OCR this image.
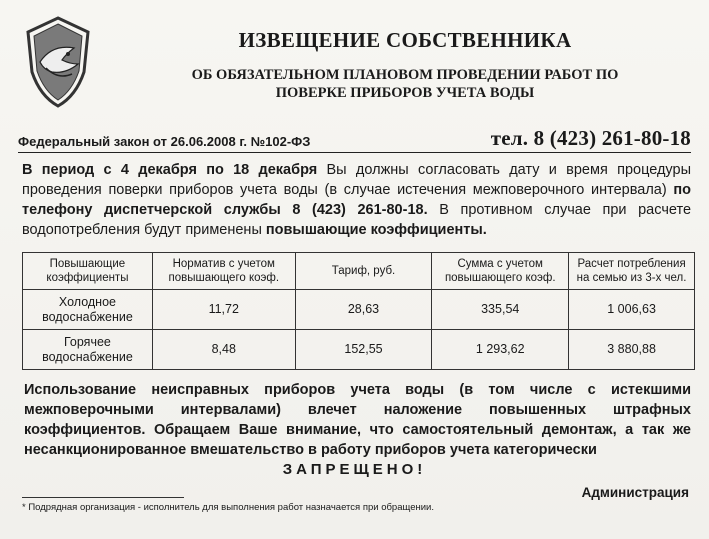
ИЗВЕЩЕНИЕ СОБСТВЕННИКА
ОБ ОБЯЗАТЕЛЬНОМ ПЛАНОВОМ ПРОВЕДЕНИИ РАБОТ ПО
ПОВЕРКЕ ПРИБОРОВ УЧЕТА ВОДЫ
Федеральный закон от 26.06.2008 г. №102-ФЗ	тел. 8 (423) 261-80-18
В период с 4 декабря по 18 декабря Вы должны согласовать дату и время процедуры проведения поверки приборов учета воды (в случае истечения межповерочного интервала) по телефону диспетчерской службы 8 (423) 261-80-18. В противном случае при расчете водопотребления будут применены повышающие коэффициенты.
Повышающие коэффициенты	Норматив с учетом повышающего коэф.	Тариф, руб.	Сумма с учетом повышающего коэф.	Расчет потребления на семью из 3-х чел.
Холодное водоснабжение	11,72	28,63	335,54	1 006,63
Горячее водоснабжение	8,48	152,55	1 293,62	3 880,88
Использование неисправных приборов учета воды (в том числе с истекшими межповерочными интервалами) влечет наложение повышенных штрафных коэффициентов. Обращаем Ваше внимание, что самостоятельный демонтаж, а так же несанкционированное вмешательство в работу приборов учета категорически
ЗАПРЕЩЕНО!
Администрация
* Подрядная организация - исполнитель для выполнения работ назначается при обращении.
